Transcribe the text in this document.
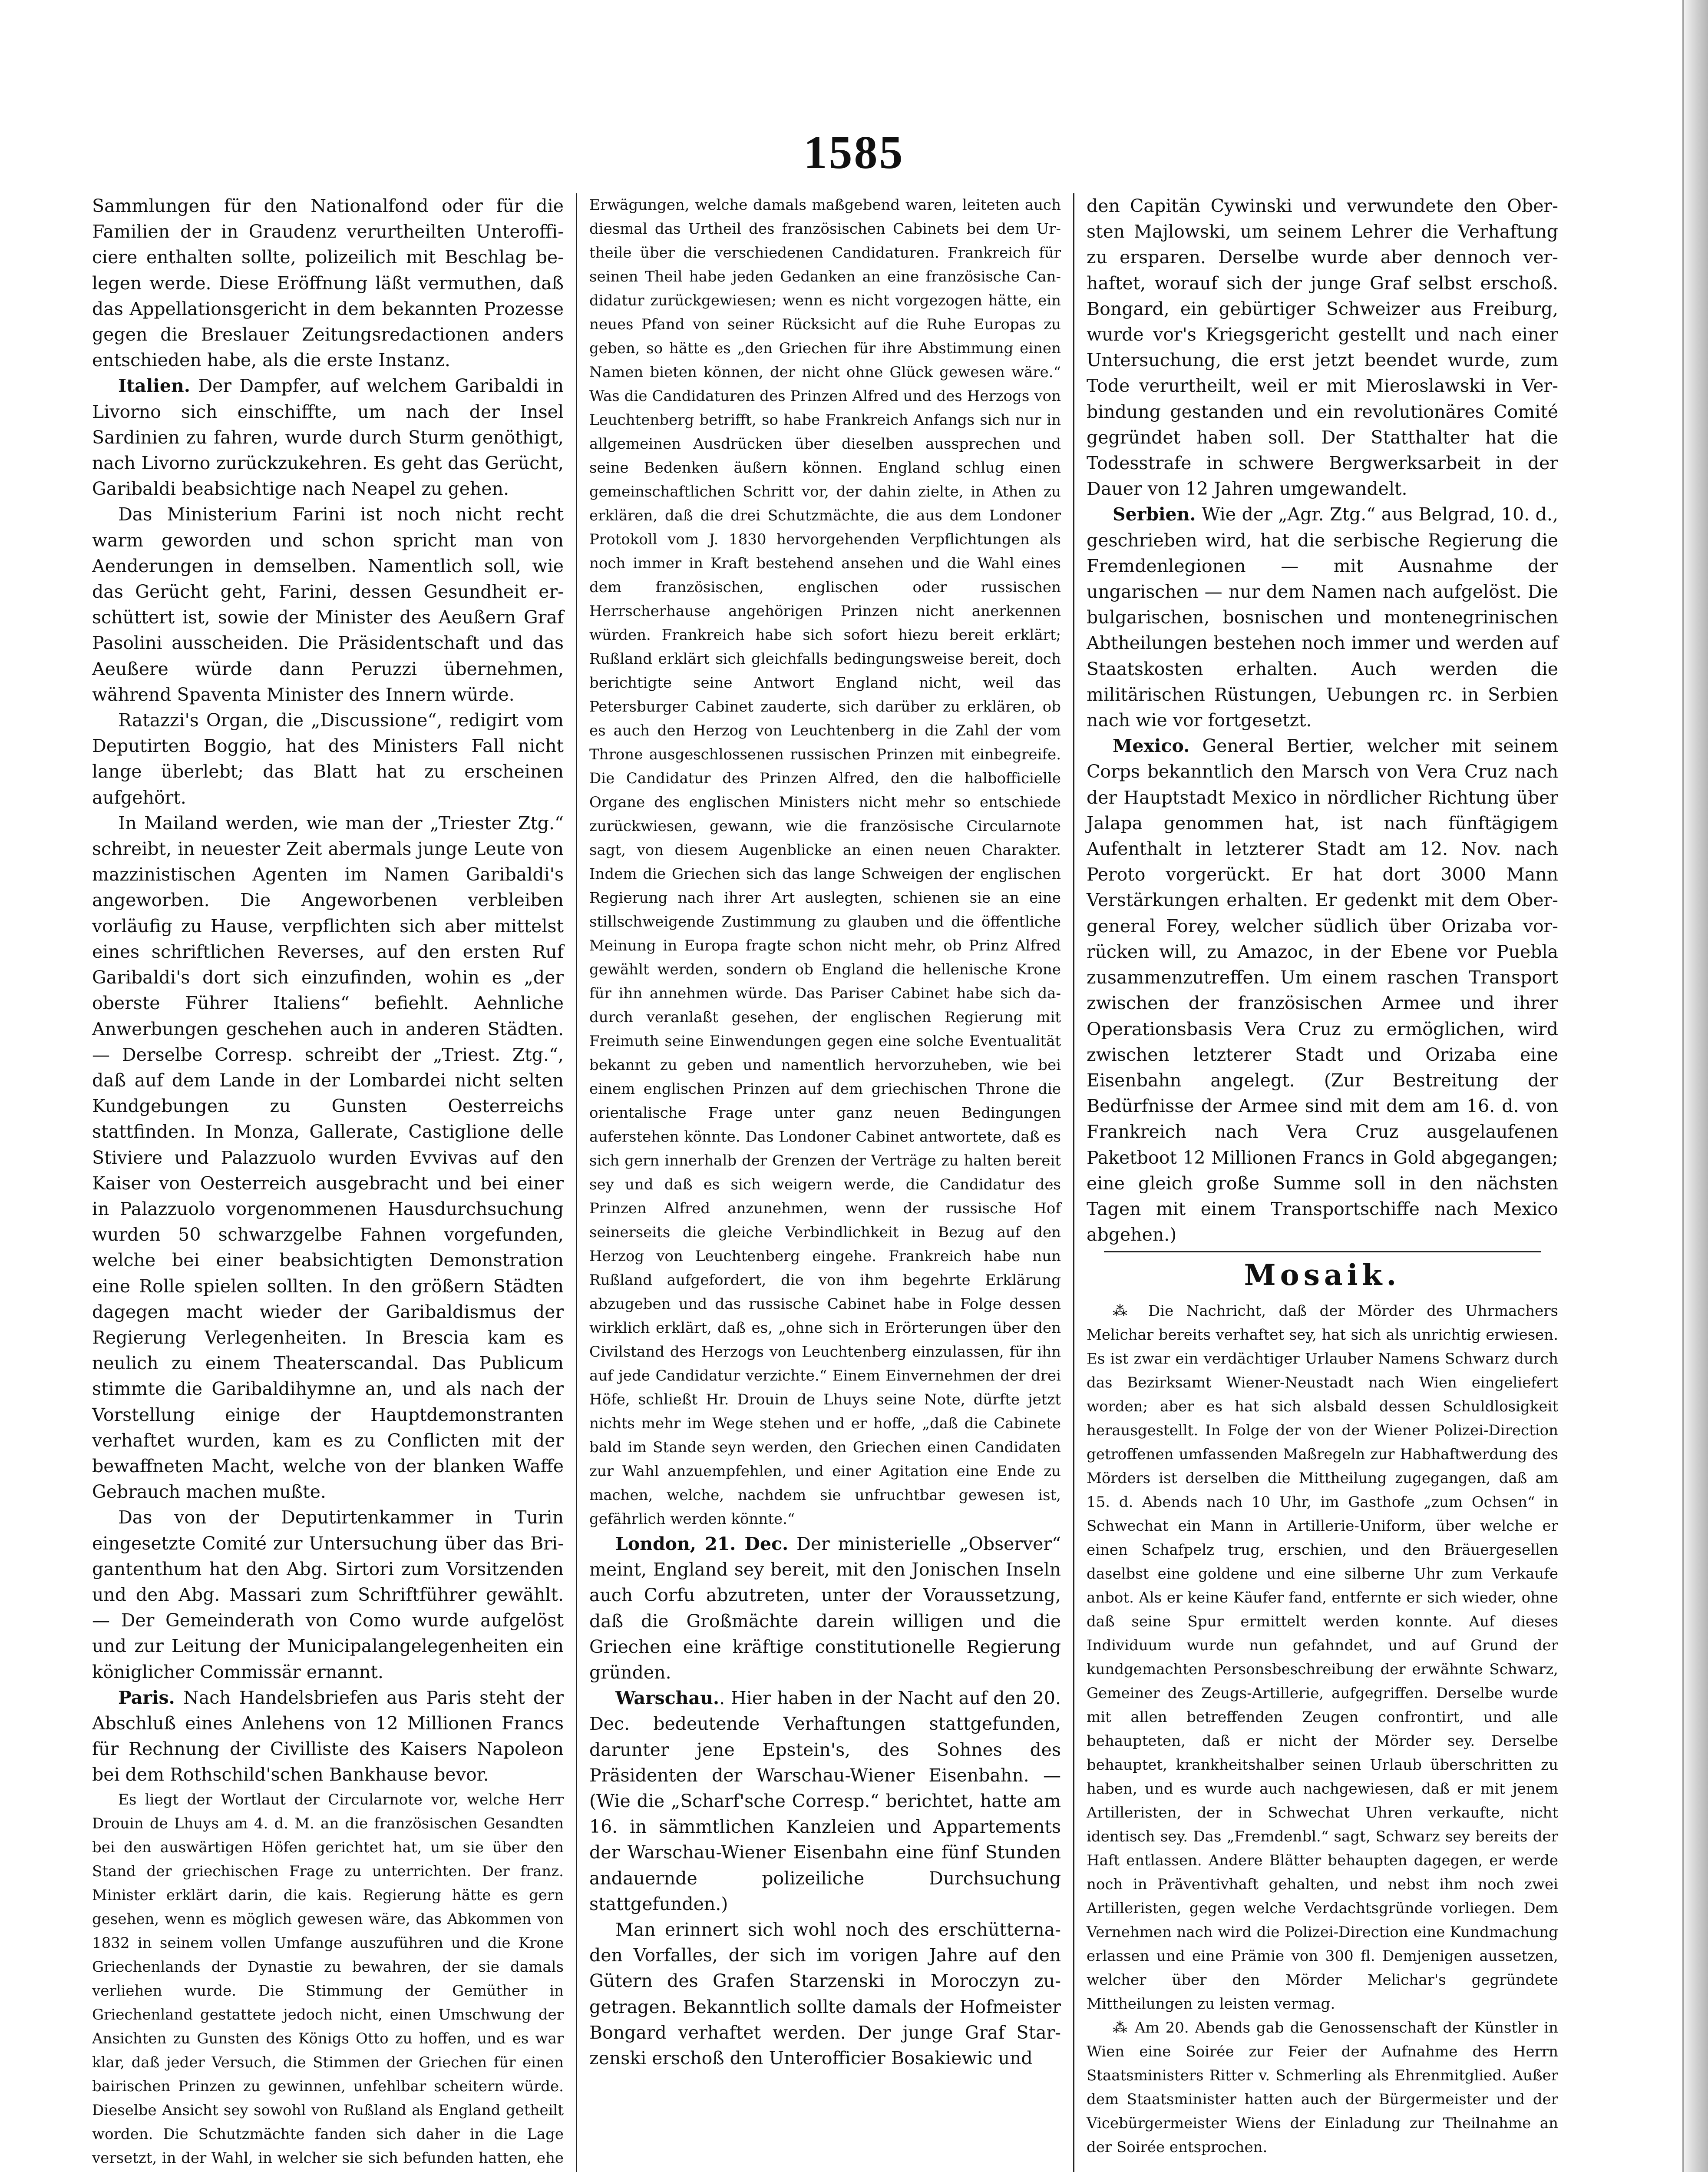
1585

Sammlungen für den Nationalfond oder für die Familien der in Graudenz verurtheilten Unterofficiere enthalten sollte, polizeilich mit Beschlag belegen werde. Diese Eröffnung läßt vermuthen, daß das Appellationsgericht in dem bekannten Prozesse gegen die Breslauer Zeitungsredactionen anders entschieden habe, als die erste Instanz.

Italien. Der Dampfer, auf welchem Garibaldi in Livorno sich einschiffte, um nach der Insel Sardinien zu fahren, wurde durch Sturm genöthigt, nach Livorno zurückzukehren. Es geht das Gerücht, Garibaldi beabsichtige nach Neapel zu gehen.

Das Ministerium Farini ist noch nicht recht warm geworden und schon spricht man von Aenderungen in demselben. Namentlich soll, wie das Gerücht geht, Farini, dessen Gesundheit erschüttert ist, sowie der Minister des Aeußern Graf Pasolini ausscheiden. Die Präsidentschaft und das Aeußere würde dann Peruzzi übernehmen, während Spaventa Minister des Innern würde.

Ratazzi's Organ, die „Discussione“, redigirt vom Deputirten Boggio, hat des Ministers Fall nicht lange überlebt; das Blatt hat zu erscheinen aufgehört.

In Mailand werden, wie man der „Triester Ztg.“ schreibt, in neuester Zeit abermals junge Leute von mazzinistischen Agenten im Namen Garibaldi's angeworben. Die Angeworbenen verbleiben vorläufig zu Hause, verpflichten sich aber mittelst eines schriftlichen Reverses, auf den ersten Ruf Garibaldi's dort sich einzufinden, wohin es „der oberste Führer Italiens“ befiehlt. Aehnliche Anwerbungen geschehen auch in anderen Städten. — Derselbe Corresp. schreibt der „Triest. Ztg.“, daß auf dem Lande in der Lombardei nicht selten Kundgebungen zu Gunsten Oesterreichs stattfinden. In Monza, Gallerate, Castiglione delle Stiviere und Palazzuolo wurden Evvivas auf den Kaiser von Oesterreich ausgebracht und bei einer in Palazzuolo vorgenommenen Hausdurchsuchung wurden 50 schwarzgelbe Fahnen vorgefunden, welche bei einer beabsichtigten Demonstration eine Rolle spielen sollten. In den größern Städten dagegen macht wieder der Garibaldismus der Regierung Verlegenheiten. In Brescia kam es neulich zu einem Theaterscandal. Das Publicum stimmte die Garibaldihymne an, und als nach der Vorstellung einige der Hauptdemonstranten verhaftet wurden, kam es zu Conflicten mit der bewaffneten Macht, welche von der blanken Waffe Gebrauch machen mußte.

Das von der Deputirtenkammer in Turin eingesetzte Comité zur Untersuchung über das Brigantenthum hat den Abg. Sirtori zum Vorsitzenden und den Abg. Massari zum Schriftführer gewählt. — Der Gemeinderath von Como wurde aufgelöst und zur Leitung der Municipalangelegenheiten ein königlicher Commissär ernannt.

Paris. Nach Handelsbriefen aus Paris steht der Abschluß eines Anlehens von 12 Millionen Francs für Rechnung der Civilliste des Kaisers Napoleon bei dem Rothschild'schen Bankhause bevor.

Es liegt der Wortlaut der Circularnote vor, welche Herr Drouin de Lhuys am 4. d. M. an die französischen Gesandten bei den auswärtigen Höfen gerichtet hat, um sie über den Stand der griechischen Frage zu unterrichten. Der franz. Minister erklärt darin, die kais. Regierung hätte es gern gesehen, wenn es möglich gewesen wäre, das Abkommen von 1832 in seinem vollen Umfange auszuführen und die Krone Griechenlands der Dynastie zu bewahren, der sie damals verliehen wurde. Die Stimmung der Gemüther in Griechenland gestattete jedoch nicht, einen Umschwung der Ansichten zu Gunsten des Königs Otto zu hoffen, und es war klar, daß jeder Versuch, die Stimmen der Griechen für einen bairischen Prinzen zu gewinnen, unfehlbar scheitern würde. Dieselbe Ansicht sey sowohl von Rußland als England getheilt worden. Die Schutzmächte fanden sich daher in die Lage versetzt, in der Wahl, in welcher sie sich befunden hatten, ehe

Erwägungen, welche damals maßgebend waren, leiteten auch diesmal das Urtheil des französischen Cabinets bei dem Urtheile über die verschiedenen Candidaturen. Frankreich für seinen Theil habe jeden Gedanken an eine französische Candidatur zurückgewiesen; wenn es nicht vorgezogen hätte, ein neues Pfand von seiner Rücksicht auf die Ruhe Europas zu geben, so hätte es „den Griechen für ihre Abstimmung einen Namen bieten können, der nicht ohne Glück gewesen wäre.“ Was die Candidaturen des Prinzen Alfred und des Herzogs von Leuchtenberg betrifft, so habe Frankreich Anfangs sich nur in allgemeinen Ausdrücken über dieselben aussprechen und seine Bedenken äußern können. England schlug einen gemeinschaftlichen Schritt vor, der dahin zielte, in Athen zu erklären, daß die drei Schutzmächte, die aus dem Londoner Protokoll vom J. 1830 hervorgehenden Verpflichtungen als noch immer in Kraft bestehend ansehen und die Wahl eines dem französischen, englischen oder russischen Herrscherhause angehörigen Prinzen nicht anerkennen würden. Frankreich habe sich sofort hiezu bereit erklärt; Rußland erklärt sich gleichfalls bedingungsweise bereit, doch berichtigte seine Antwort England nicht, weil das Petersburger Cabinet zauderte, sich darüber zu erklären, ob es auch den Herzog von Leuchtenberg in die Zahl der vom Throne ausgeschlossenen russischen Prinzen mit einbegreife. Die Candidatur des Prinzen Alfred, den die halbofficielle Organe des englischen Ministers nicht mehr so entschiede zurückwiesen, gewann, wie die französische Circularnote sagt, von diesem Augenblicke an einen neuen Charakter. Indem die Griechen sich das lange Schweigen der englischen Regierung nach ihrer Art auslegten, schienen sie an eine stillschweigende Zustimmung zu glauben und die öffentliche Meinung in Europa fragte schon nicht mehr, ob Prinz Alfred gewählt werden, sondern ob England die hellenische Krone für ihn annehmen würde. Das Pariser Cabinet habe sich dadurch veranlaßt gesehen, der englischen Regierung mit Freimuth seine Einwendungen gegen eine solche Eventualität bekannt zu geben und namentlich hervorzuheben, wie bei einem englischen Prinzen auf dem griechischen Throne die orientalische Frage unter ganz neuen Bedingungen auferstehen könnte. Das Londoner Cabinet antwortete, daß es sich gern innerhalb der Grenzen der Verträge zu halten bereit sey und daß es sich weigern werde, die Candidatur des Prinzen Alfred anzunehmen, wenn der russische Hof seinerseits die gleiche Verbindlichkeit in Bezug auf den Herzog von Leuchtenberg eingehe. Frankreich habe nun Rußland aufgefordert, die von ihm begehrte Erklärung abzugeben und das russische Cabinet habe in Folge dessen wirklich erklärt, daß es, „ohne sich in Erörterungen über den Civilstand des Herzogs von Leuchtenberg einzulassen, für ihn auf jede Candidatur verzichte.“ Einem Einvernehmen der drei Höfe, schließt Hr. Drouin de Lhuys seine Note, dürfte jetzt nichts mehr im Wege stehen und er hoffe, „daß die Cabinete bald im Stande seyn werden, den Griechen einen Candidaten zur Wahl anzuempfehlen, und einer Agitation eine Ende zu machen, welche, nachdem sie unfruchtbar gewesen ist, gefährlich werden könnte.“

London, 21. Dec. Der ministerielle „Observer“ meint, England sey bereit, mit den Jonischen Inseln auch Corfu abzutreten, unter der Voraussetzung, daß die Großmächte darein willigen und die Griechen eine kräftige constitutionelle Regierung gründen.

Warschau.. Hier haben in der Nacht auf den 20. Dec. bedeutende Verhaftungen stattgefunden, darunter jene Epstein's, des Sohnes des Präsidenten der Warschau-Wiener Eisenbahn. — (Wie die „Scharf'sche Corresp.“ berichtet, hatte am 16. in sämmtlichen Kanzleien und Appartements der Warschau-Wiener Eisenbahn eine fünf Stunden andauernde polizeiliche Durchsuchung stattgefunden.)

Man erinnert sich wohl noch des erschütternaden Vorfalles, der sich im vorigen Jahre auf den Gütern des Grafen Starzenski in Moroczyn zugetragen. Bekanntlich sollte damals der Hofmeister Bongard verhaftet werden. Der junge Graf Starzenski erschoß den Unterofficier Bosakiewic und

den Capitän Cywinski und verwundete den Obersten Majlowski, um seinem Lehrer die Verhaftung zu ersparen. Derselbe wurde aber dennoch verhaftet, worauf sich der junge Graf selbst erschoß. Bongard, ein gebürtiger Schweizer aus Freiburg, wurde vor's Kriegsgericht gestellt und nach einer Untersuchung, die erst jetzt beendet wurde, zum Tode verurtheilt, weil er mit Mieroslawski in Verbindung gestanden und ein revolutionäres Comité gegründet haben soll. Der Statthalter hat die Todesstrafe in schwere Bergwerksarbeit in der Dauer von 12 Jahren umgewandelt.

Serbien. Wie der „Agr. Ztg.“ aus Belgrad, 10. d., geschrieben wird, hat die serbische Regierung die Fremdenlegionen — mit Ausnahme der ungarischen — nur dem Namen nach aufgelöst. Die bulgarischen, bosnischen und montenegrinischen Abtheilungen bestehen noch immer und werden auf Staatskosten erhalten. Auch werden die militärischen Rüstungen, Uebungen rc. in Serbien nach wie vor fortgesetzt.

Mexico. General Bertier, welcher mit seinem Corps bekanntlich den Marsch von Vera Cruz nach der Hauptstadt Mexico in nördlicher Richtung über Jalapa genommen hat, ist nach fünftägigem Aufenthalt in letzterer Stadt am 12. Nov. nach Peroto vorgerückt. Er hat dort 3000 Mann Verstärkungen erhalten. Er gedenkt mit dem Obergeneral Forey, welcher südlich über Orizaba vorrücken will, zu Amazoc, in der Ebene vor Puebla zusammenzutreffen. Um einem raschen Transport zwischen der französischen Armee und ihrer Operationsbasis Vera Cruz zu ermöglichen, wird zwischen letzterer Stadt und Orizaba eine Eisenbahn angelegt. (Zur Bestreitung der Bedürfnisse der Armee sind mit dem am 16. d. von Frankreich nach Vera Cruz ausgelaufenen Paketboot 12 Millionen Francs in Gold abgegangen; eine gleich große Summe soll in den nächsten Tagen mit einem Transportschiffe nach Mexico abgehen.)

Mosaik.

⁂ Die Nachricht, daß der Mörder des Uhrmachers Melichar bereits verhaftet sey, hat sich als unrichtig erwiesen. Es ist zwar ein verdächtiger Urlauber Namens Schwarz durch das Bezirksamt Wiener-Neustadt nach Wien eingeliefert worden; aber es hat sich alsbald dessen Schuldlosigkeit herausgestellt. In Folge der von der Wiener Polizei-Direction getroffenen umfassenden Maßregeln zur Habhaftwerdung des Mörders ist derselben die Mittheilung zugegangen, daß am 15. d. Abends nach 10 Uhr, im Gasthofe „zum Ochsen“ in Schwechat ein Mann in Artillerie-Uniform, über welche er einen Schafpelz trug, erschien, und den Bräuergesellen daselbst eine goldene und eine silberne Uhr zum Verkaufe anbot. Als er keine Käufer fand, entfernte er sich wieder, ohne daß seine Spur ermittelt werden konnte. Auf dieses Individuum wurde nun gefahndet, und auf Grund der kundgemachten Personsbeschreibung der erwähnte Schwarz, Gemeiner des Zeugs-Artillerie, aufgegriffen. Derselbe wurde mit allen betreffenden Zeugen confrontirt, und alle behaupteten, daß er nicht der Mörder sey. Derselbe behauptet, krankheitshalber seinen Urlaub überschritten zu haben, und es wurde auch nachgewiesen, daß er mit jenem Artilleristen, der in Schwechat Uhren verkaufte, nicht identisch sey. Das „Fremdenbl.“ sagt, Schwarz sey bereits der Haft entlassen. Andere Blätter behaupten dagegen, er werde noch in Präventivhaft gehalten, und nebst ihm noch zwei Artilleristen, gegen welche Verdachtsgründe vorliegen. Dem Vernehmen nach wird die Polizei-Direction eine Kundmachung erlassen und eine Prämie von 300 fl. Demjenigen aussetzen, welcher über den Mörder Melichar's gegründete Mittheilungen zu leisten vermag.

⁂ Am 20. Abends gab die Genossenschaft der Künstler in Wien eine Soirée zur Feier der Aufnahme des Herrn Staatsministers Ritter v. Schmerling als Ehrenmitglied. Außer dem Staatsminister hatten auch der Bürgermeister und der Vicebürgermeister Wiens der Einladung zur Theilnahme an der Soirée entsprochen.
